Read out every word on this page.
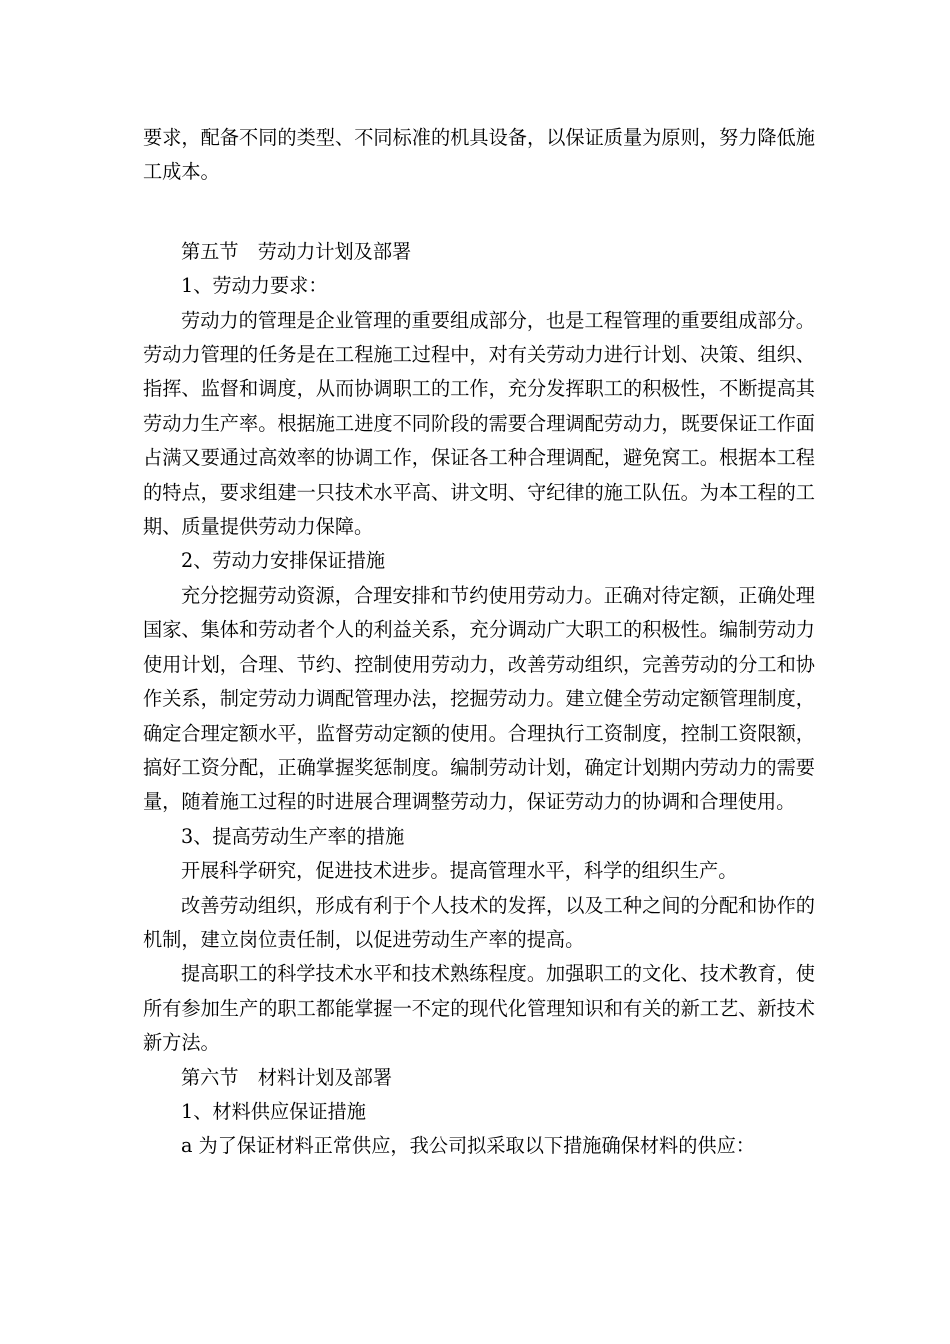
要求，配备不同的类型、不同标准的机具设备，以保证质量为原则，努力降低施工成本。

第五节　劳动力计划及部署

1、劳动力要求：

劳动力的管理是企业管理的重要组成部分，也是工程管理的重要组成部分。劳动力管理的任务是在工程施工过程中，对有关劳动力进行计划、决策、组织、指挥、监督和调度，从而协调职工的工作，充分发挥职工的积极性，不断提高其劳动力生产率。根据施工进度不同阶段的需要合理调配劳动力，既要保证工作面占满又要通过高效率的协调工作，保证各工种合理调配，避免窝工。根据本工程的特点，要求组建一只技术水平高、讲文明、守纪律的施工队伍。为本工程的工期、质量提供劳动力保障。

2、劳动力安排保证措施

充分挖掘劳动资源，合理安排和节约使用劳动力。正确对待定额，正确处理国家、集体和劳动者个人的利益关系，充分调动广大职工的积极性。编制劳动力使用计划，合理、节约、控制使用劳动力，改善劳动组织，完善劳动的分工和协作关系，制定劳动力调配管理办法，挖掘劳动力。建立健全劳动定额管理制度，确定合理定额水平，监督劳动定额的使用。合理执行工资制度，控制工资限额，搞好工资分配，正确掌握奖惩制度。编制劳动计划，确定计划期内劳动力的需要量，随着施工过程的时进展合理调整劳动力，保证劳动力的协调和合理使用。

3、提高劳动生产率的措施

开展科学研究，促进技术进步。提高管理水平，科学的组织生产。

改善劳动组织，形成有利于个人技术的发挥，以及工种之间的分配和协作的机制，建立岗位责任制，以促进劳动生产率的提高。

提高职工的科学技术水平和技术熟练程度。加强职工的文化、技术教育，使所有参加生产的职工都能掌握一不定的现代化管理知识和有关的新工艺、新技术新方法。

第六节　材料计划及部署

1、材料供应保证措施

a 为了保证材料正常供应，我公司拟采取以下措施确保材料的供应：
